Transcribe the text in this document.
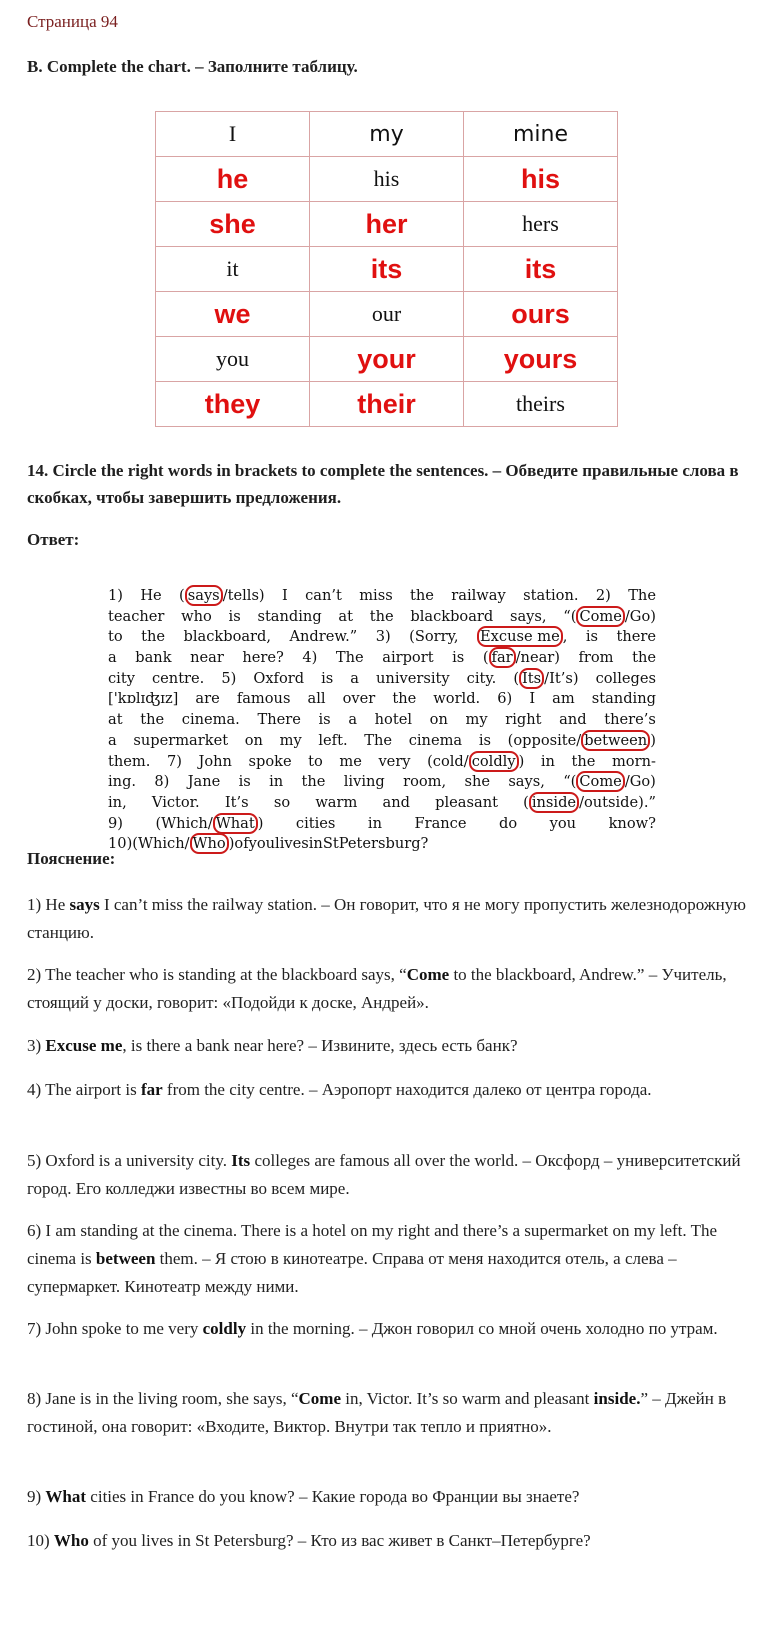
Страница 94
B. Complete the chart. – Заполните таблицу.
I	my	mine
he	his	his
she	her	hers
it	its	its
we	our	ours
you	your	yours
they	their	theirs
14. Circle the right words in brackets to complete the sentences. – Обведите правильные слова в скобках, чтобы завершить предложения.
Ответ:
1) He ( says /tells) I can’t miss the railway station. 2) The
teacher who is standing at the blackboard says, “( Come /Go)
to the blackboard, Andrew.” 3) (Sorry, Excuse me , is there
a bank near here? 4) The airport is ( far /near) from the
city centre. 5) Oxford is a university city. ( Its /It’s) colleges
['kɒlɪʤɪz] are famous all over the world. 6) I am standing
at the cinema. There is a hotel on my right and there’s
a supermarket on my left. The cinema is (opposite/ between )
them. 7) John spoke to me very (cold/ coldly ) in the morn-
ing. 8) Jane is in the living room, she says, “( Come /Go)
in, Victor. It’s so warm and pleasant ( inside /outside).”
9) (Which/ What ) cities in France do you know?
10) (Which/ Who ) of you lives in St Petersburg?
Пояснение:
1) He says I can’t miss the railway station. – Он говорит, что я не могу пропустить железнодорожную станцию.
2) The teacher who is standing at the blackboard says, “Come to the blackboard, Andrew.” – Учитель, стоящий у доски, говорит: «Подойди к доске, Андрей».
3) Excuse me, is there a bank near here? – Извините, здесь есть банк?
4) The airport is far from the city centre. – Аэропорт находится далеко от центра города.
5) Oxford is a university city. Its colleges are famous all over the world. – Оксфорд – университетский город. Его колледжи известны во всем мире.
6) I am standing at the cinema. There is a hotel on my right and there’s a supermarket on my left. The cinema is between them. – Я стою в кинотеатре. Справа от меня находится отель, а слева – супермаркет. Кинотеатр между ними.
7) John spoke to me very coldly in the morning. – Джон говорил со мной очень холодно по утрам.
8) Jane is in the living room, she says, “Come in, Victor. It’s so warm and pleasant inside.” – Джейн в гостиной, она говорит: «Входите, Виктор. Внутри так тепло и приятно».
9) What cities in France do you know? – Какие города во Франции вы знаете?
10) Who of you lives in St Petersburg? – Кто из вас живет в Санкт–Петербурге?
